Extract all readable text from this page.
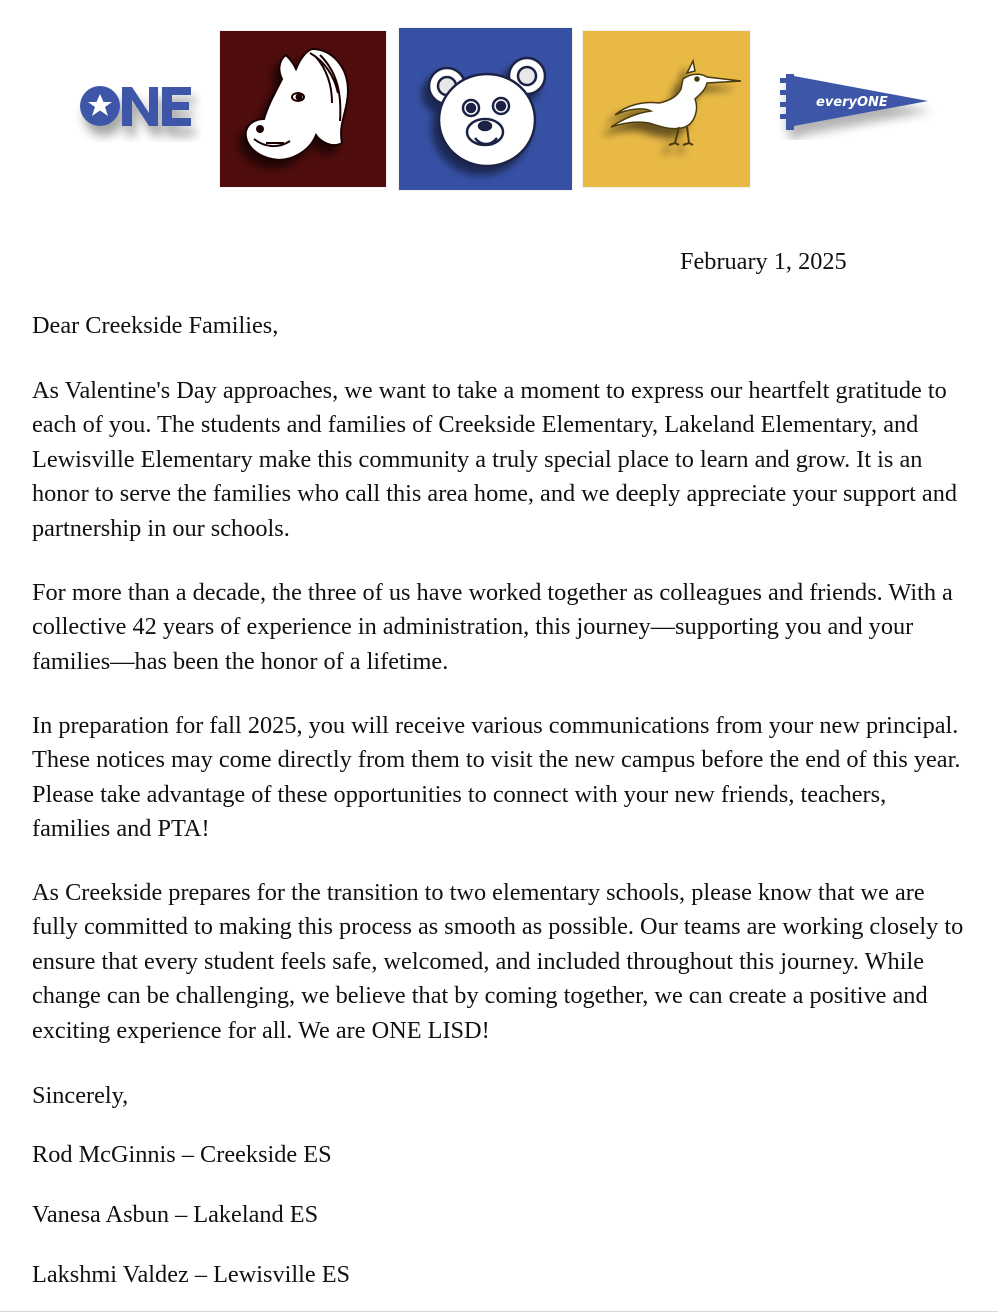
everyONE
February 1, 2025

Dear Creekside Families,

As Valentine's Day approaches, we want to take a moment to express our heartfelt gratitude to each of you. The students and families of Creekside Elementary, Lakeland Elementary, and Lewisville Elementary make this community a truly special place to learn and grow. It is an honor to serve the families who call this area home, and we deeply appreciate your support and partnership in our schools.

For more than a decade, the three of us have worked together as colleagues and friends. With a collective 42 years of experience in administration, this journey—supporting you and your families—has been the honor of a lifetime.

In preparation for fall 2025, you will receive various communications from your new principal. These notices may come directly from them to visit the new campus before the end of this year. Please take advantage of these opportunities to connect with your new friends, teachers, families and PTA!

As Creekside prepares for the transition to two elementary schools, please know that we are fully committed to making this process as smooth as possible. Our teams are working closely to ensure that every student feels safe, welcomed, and included throughout this journey. While change can be challenging, we believe that by coming together, we can create a positive and exciting experience for all. We are ONE LISD!

Sincerely,

Rod McGinnis – Creekside ES

Vanesa Asbun – Lakeland ES

Lakshmi Valdez – Lewisville ES
